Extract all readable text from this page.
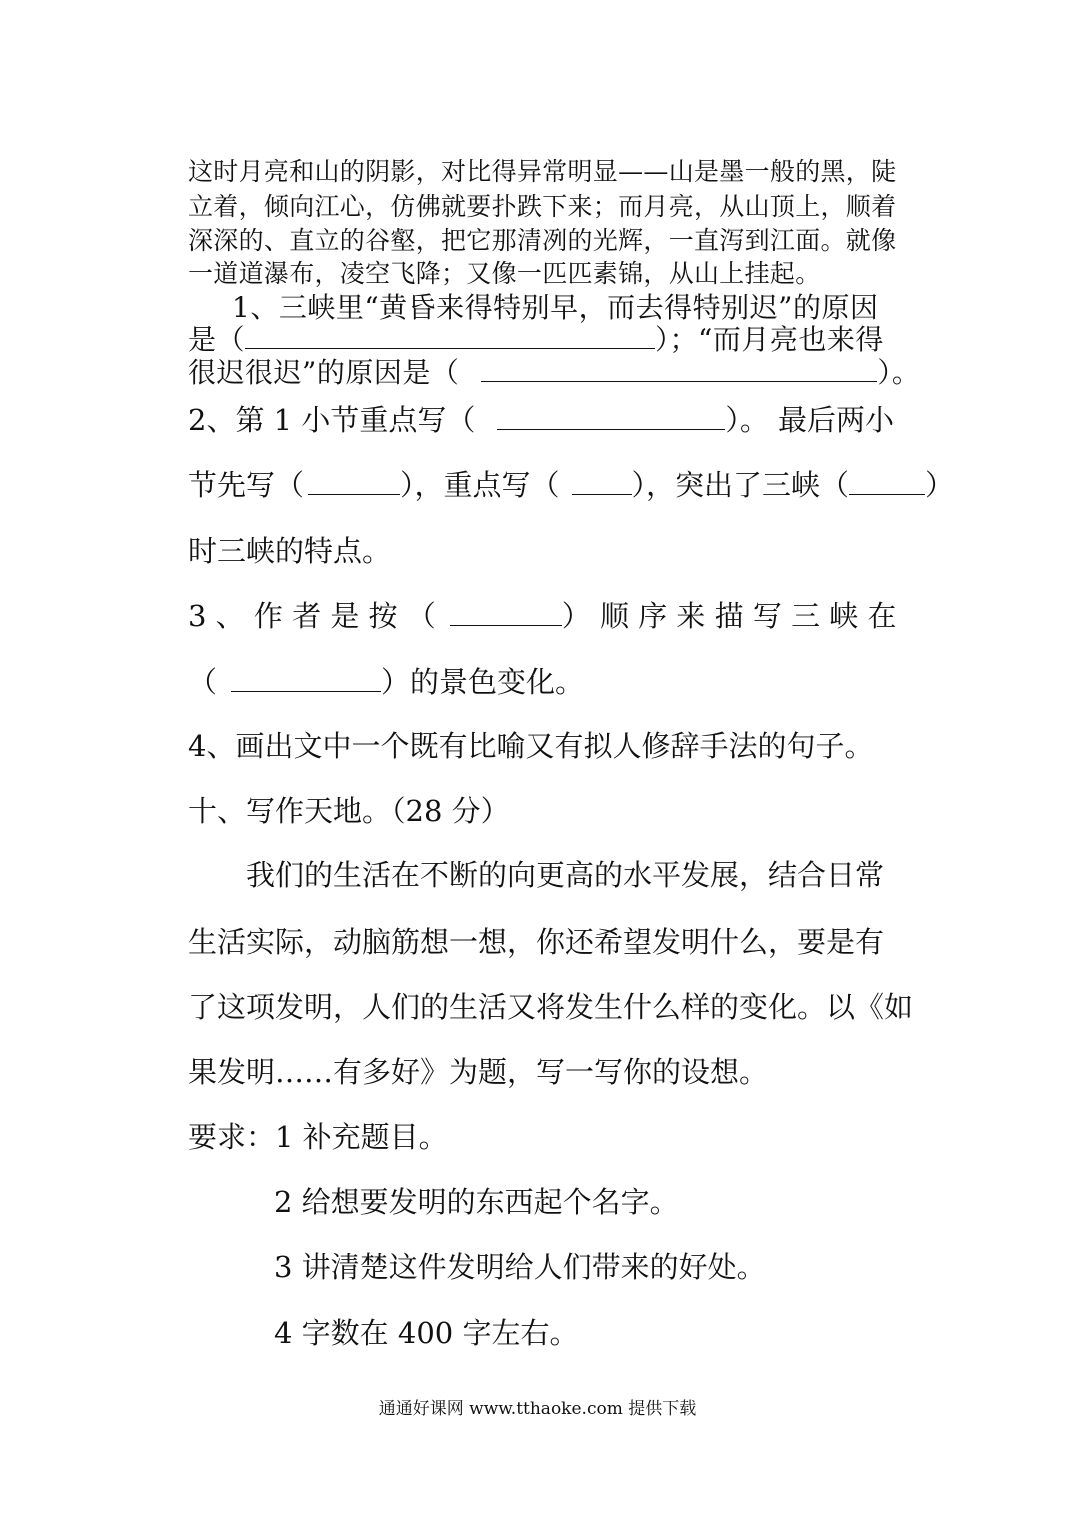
这时月亮和山的阴影，对比得异常明显——山是墨一般的黑，陡
立着，倾向江心，仿佛就要扑跌下来；而月亮，从山顶上，顺着
深深的、直立的谷壑，把它那清冽的光辉，一直泻到江面。就像
一道道瀑布，凌空飞降；又像一匹匹素锦，从山上挂起。
1、三峡里“黄昏来得特别早，而去得特别迟”的原因
是（	）；“而月亮也来得
很迟很迟”的原因是（	）。
2、第 1 小节重点写（	）。 最后两小
节先写（	），重点写（ ），突出了三峡（	）
时三峡的特点。
3 、 作 者 是 按 （	） 顺 序 来 描 写 三 峡 在
（	）的景色变化。
4、画出文中一个既有比喻又有拟人修辞手法的句子。
十、写作天地。（28 分）
我们的生活在不断的向更高的水平发展，结合日常
生活实际，动脑筋想一想，你还希望发明什么，要是有
了这项发明，人们的生活又将发生什么样的变化。以《如
果发明……有多好》为题，写一写你的设想。
要求：1 补充题目。
2 给想要发明的东西起个名字。
3 讲清楚这件发明给人们带来的好处。
4 字数在 400 字左右。
通通好课网 www.tthaoke.com 提供下载
